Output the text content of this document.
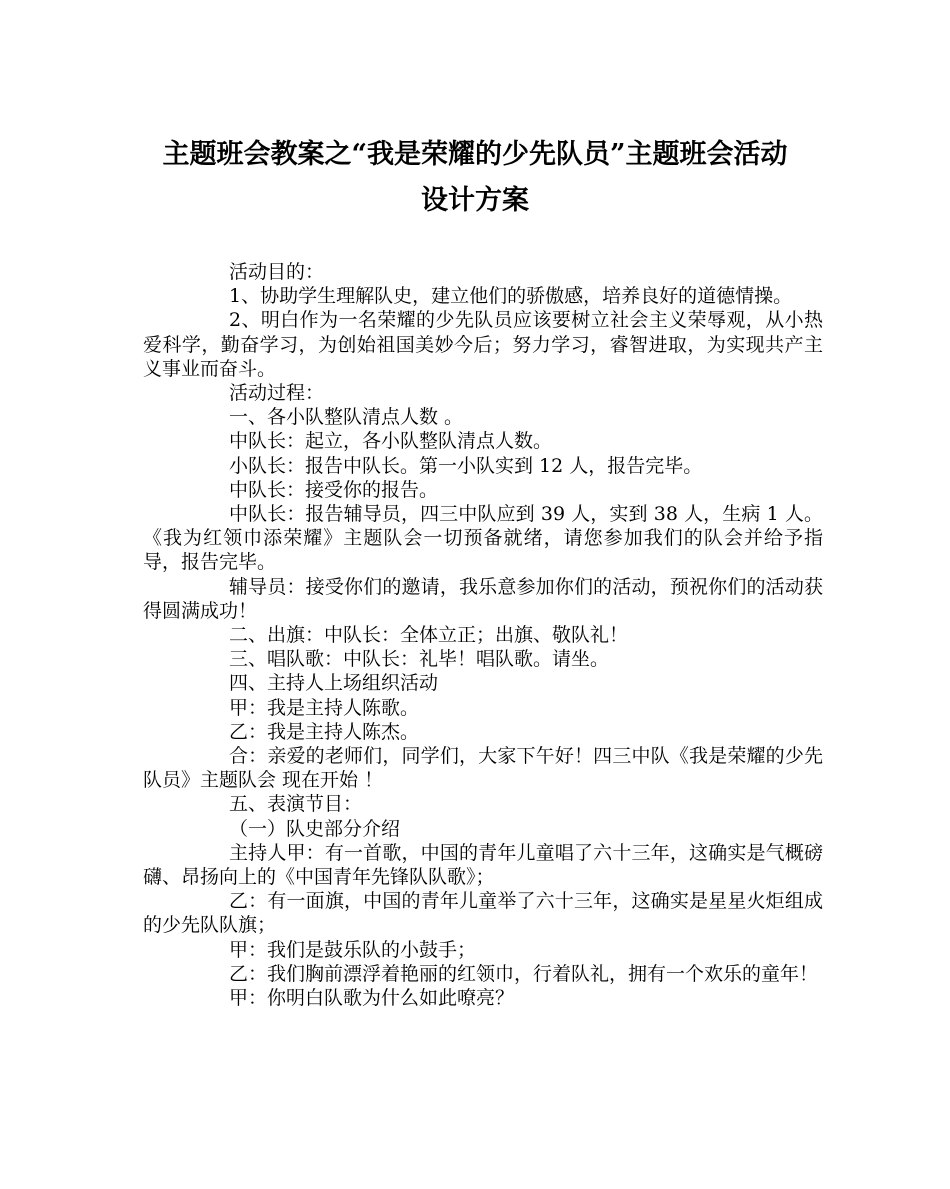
主题班会教案之“我是荣耀的少先队员”主题班会活动
设计方案

活动目的：

1、协助学生理解队史，建立他们的骄傲感，培养良好的道德情操。

2、明白作为一名荣耀的少先队员应该要树立社会主义荣辱观，从小热爱科学，勤奋学习，为创始祖国美妙今后；努力学习，睿智进取，为实现共产主义事业而奋斗。

活动过程：

一、各小队整队清点人数 。

中队长：起立，各小队整队清点人数。

小队长：报告中队长。第一小队实到 12 人，报告完毕。

中队长：接受你的报告。

中队长：报告辅导员，四三中队应到 39 人，实到 38 人，生病 1 人。《我为红领巾添荣耀》主题队会一切预备就绪，请您参加我们的队会并给予指导，报告完毕。

辅导员：接受你们的邀请，我乐意参加你们的活动，预祝你们的活动获得圆满成功！

二、出旗：中队长：全体立正；出旗、敬队礼！

三、唱队歌：中队长：礼毕！唱队歌。请坐。

四、主持人上场组织活动

甲：我是主持人陈歌。

乙：我是主持人陈杰。

合：亲爱的老师们，同学们，大家下午好！四三中队《我是荣耀的少先队员》主题队会 现在开始 ！

五、表演节目：

（一）队史部分介绍

主持人甲：有一首歌，中国的青年儿童唱了六十三年，这确实是气概磅礴、昂扬向上的《中国青年先锋队队歌》；

乙：有一面旗，中国的青年儿童举了六十三年，这确实是星星火炬组成的少先队队旗；

甲：我们是鼓乐队的小鼓手；

乙：我们胸前漂浮着艳丽的红领巾，行着队礼，拥有一个欢乐的童年！

甲：你明白队歌为什么如此嘹亮？
